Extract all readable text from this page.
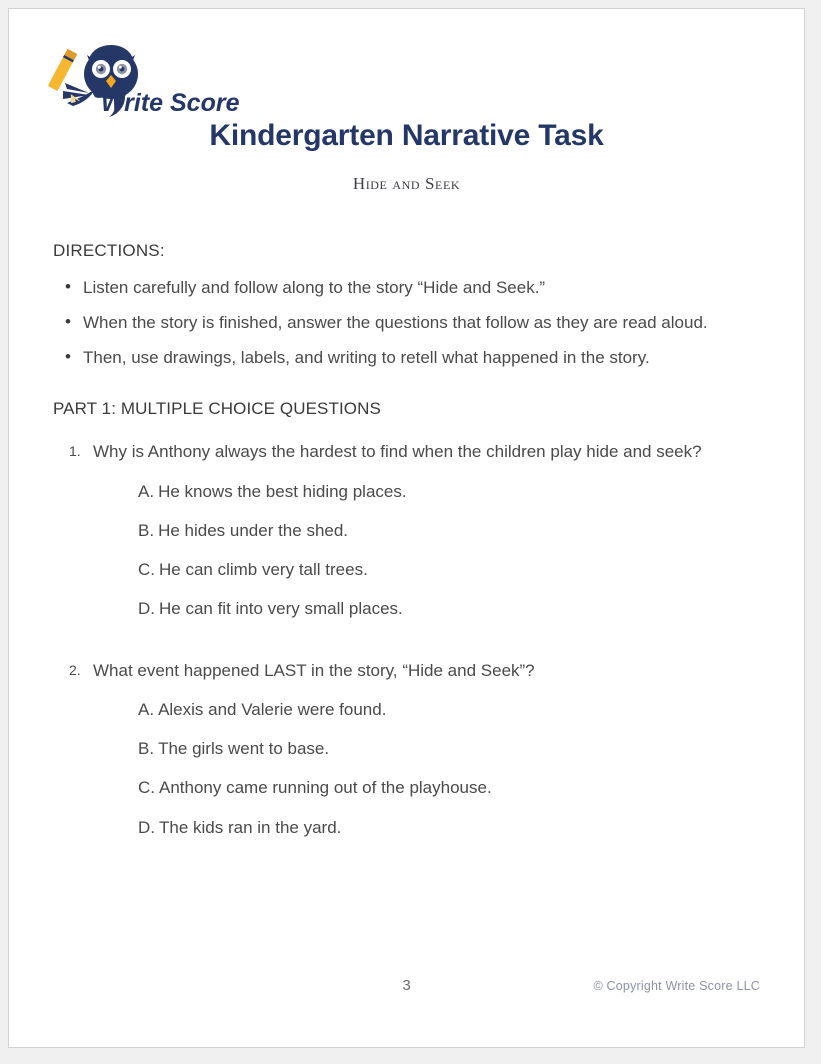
Write Score
Kindergarten Narrative Task
Hide and Seek
DIRECTIONS:
• Listen carefully and follow along to the story “Hide and Seek.”
• When the story is finished, answer the questions that follow as they are read aloud.
• Then, use drawings, labels, and writing to retell what happened in the story.
PART 1: MULTIPLE CHOICE QUESTIONS
1. Why is Anthony always the hardest to find when the children play hide and seek?
A. He knows the best hiding places.
B. He hides under the shed.
C. He can climb very tall trees.
D. He can fit into very small places.
2. What event happened LAST in the story, “Hide and Seek”?
A. Alexis and Valerie were found.
B. The girls went to base.
C. Anthony came running out of the playhouse.
D. The kids ran in the yard.
3	© Copyright Write Score LLC
